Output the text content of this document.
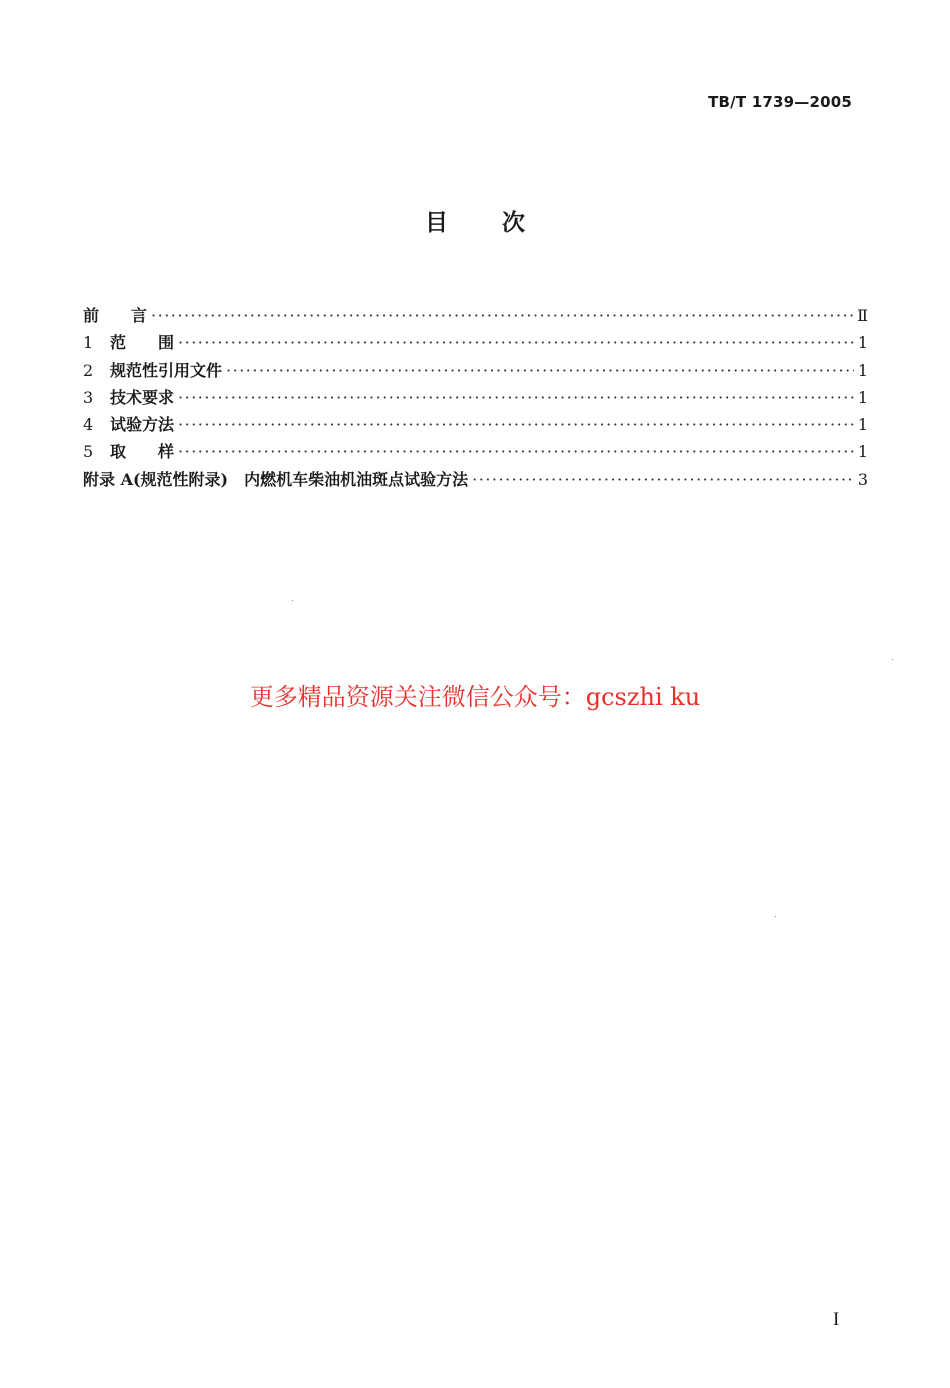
TB/T 1739—2005
目次
前　　言 ·····	Ⅱ
1	范　　围 ·····	1
2	规范性引用文件 ·····	1
3	技术要求 ·····	1
4	试验方法 ·····	1
5	取　　样 ·····	1
附录 A(规范性附录)　内燃机车柴油机油斑点试验方法 ·····	3
更多精品资源关注微信公众号：gcszhi ku
I
